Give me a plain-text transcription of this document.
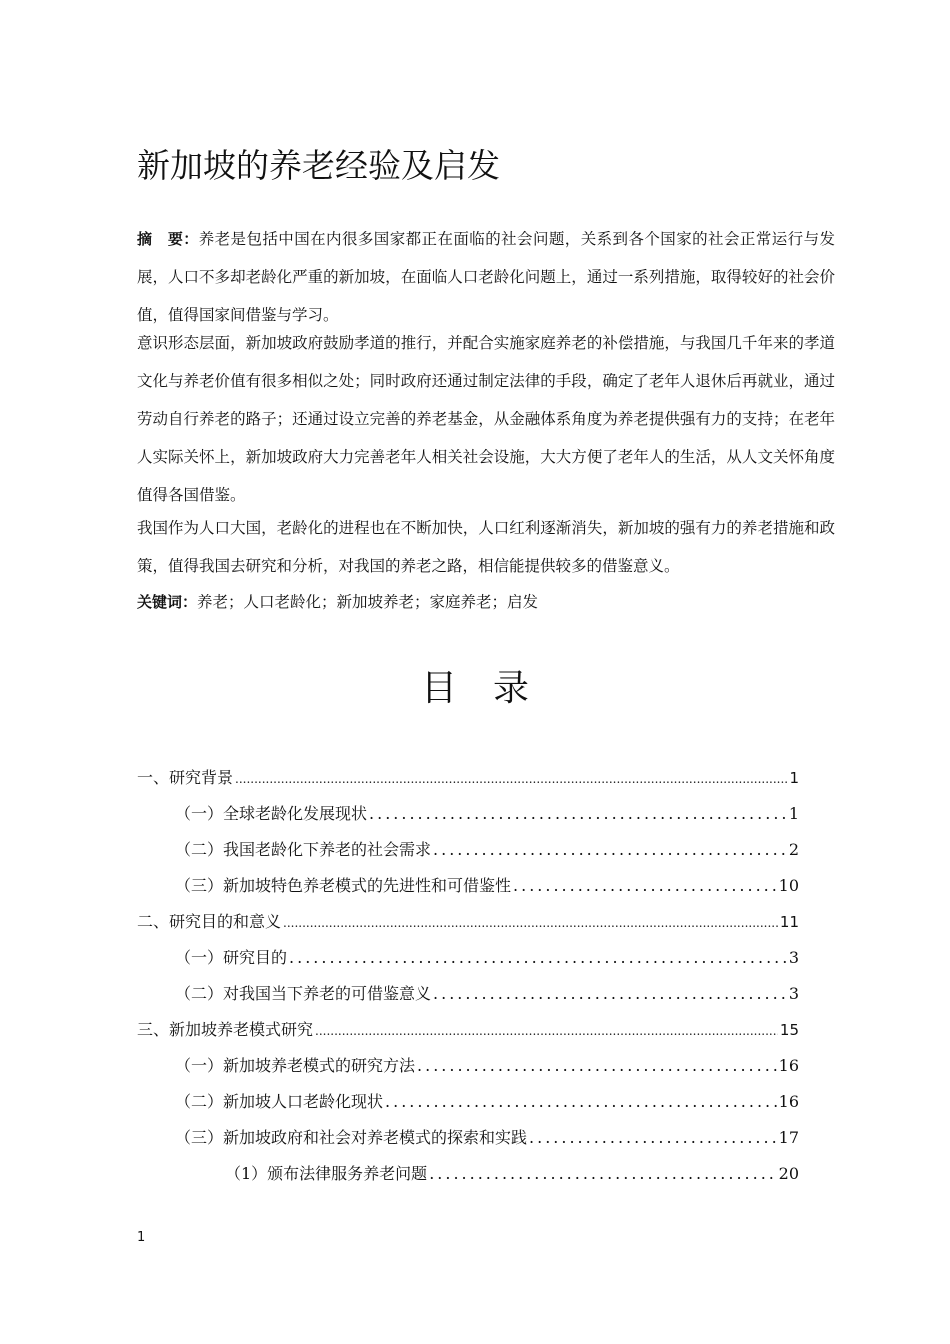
新加坡的养老经验及启发
摘　要：养老是包括中国在内很多国家都正在面临的社会问题，关系到各个国家的社会正常运行与发展，人口不多却老龄化严重的新加坡，在面临人口老龄化问题上，通过一系列措施，取得较好的社会价值，值得国家间借鉴与学习。
意识形态层面，新加坡政府鼓励孝道的推行，并配合实施家庭养老的补偿措施，与我国几千年来的孝道文化与养老价值有很多相似之处；同时政府还通过制定法律的手段，确定了老年人退休后再就业，通过劳动自行养老的路子；还通过设立完善的养老基金，从金融体系角度为养老提供强有力的支持；在老年人实际关怀上，新加坡政府大力完善老年人相关社会设施，大大方便了老年人的生活，从人文关怀角度值得各国借鉴。
我国作为人口大国，老龄化的进程也在不断加快，人口红利逐渐消失，新加坡的强有力的养老措施和政策，值得我国去研究和分析，对我国的养老之路，相信能提供较多的借鉴意义。
关键词：养老；人口老龄化；新加坡养老；家庭养老；启发
目录
一、研究背景 .....	1
（一）全球老龄化发展现状 .....	1
（二）我国老龄化下养老的社会需求 .....	2
（三）新加坡特色养老模式的先进性和可借鉴性 .....	10
二、研究目的和意义 .....	11
（一）研究目的 .....	3
（二）对我国当下养老的可借鉴意义 .....	3
三、新加坡养老模式研究 .....	15
（一）新加坡养老模式的研究方法 .....	16
（二）新加坡人口老龄化现状 .....	16
（三）新加坡政府和社会对养老模式的探索和实践 .....	17
（1）颁布法律服务养老问题 .....	20
1
